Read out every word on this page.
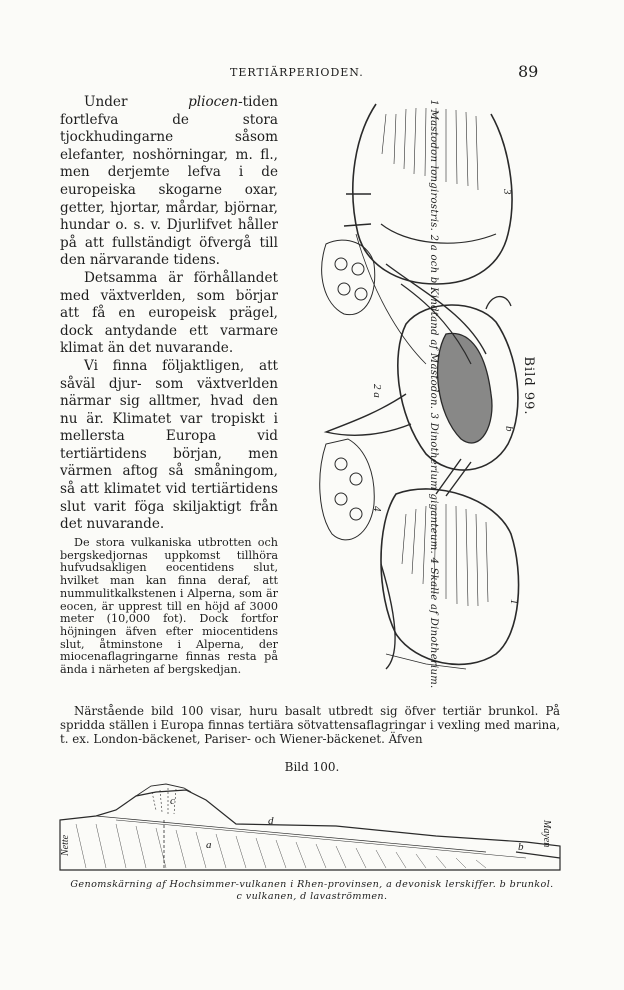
TERTIÄRPERIODEN.	89

Under pliocen-tiden fortlefva de stora tjockhudingarne såsom elefanter, noshörningar, m. fl., men derjemte lefva i de europeiska skogarne oxar, getter, hjortar, mårdar, björnar, hundar o. s. v. Djurlifvet håller på att fullständigt öfvergå till den närvarande tidens.

Detsamma är förhållandet med växtverlden, som börjar att få en europeisk prägel, dock antydande ett varmare klimat än det nuvarande.

Vi finna följaktligen, att såväl djur- som växtverlden närmar sig alltmer, hvad den nu är. Klimatet var tropiskt i mellersta Europa vid tertiärtidens början, men värmen aftog så småningom, så att klimatet vid tertiärtidens slut varit föga skiljaktigt från det nuvarande.

De stora vulkaniska utbrotten och bergskedjornas uppkomst tillhöra hufvudsakligen eocentidens slut, hvilket man kan finna deraf, att nummulitkalkstenen i Alperna, som är eocen, är upprest till en höjd af 3000 meter (10,000 fot). Dock fortfor höjningen äfven efter miocentidens slut, åtminstone i Alperna, der miocenaflagringarne finnas resta på ända i närheten af bergskedjan.

Närstående bild 100 visar, huru basalt utbredt sig öfver tertiär brunkol. På spridda ställen i Europa finnas tertiära sötvattensaflagringar i vexling med marina, t. ex. London-bäckenet, Pariser- och Wiener-bäckenet. Äfven

3
2 a
b
4
1
1 Mastodon longirostris. 2 a och b Kindtand af Mastodon. 3 Dinotherium giganteum. 4 Skalle af Dinotherium.	Bild 99.
Bild 100.
c
d
a	b
Nette	Mayen
Genomskärning af Hochsimmer-vulkanen i Rhen-provinsen, a devonisk lerskiffer. b brunkol.
c vulkanen, d lavaströmmen.
